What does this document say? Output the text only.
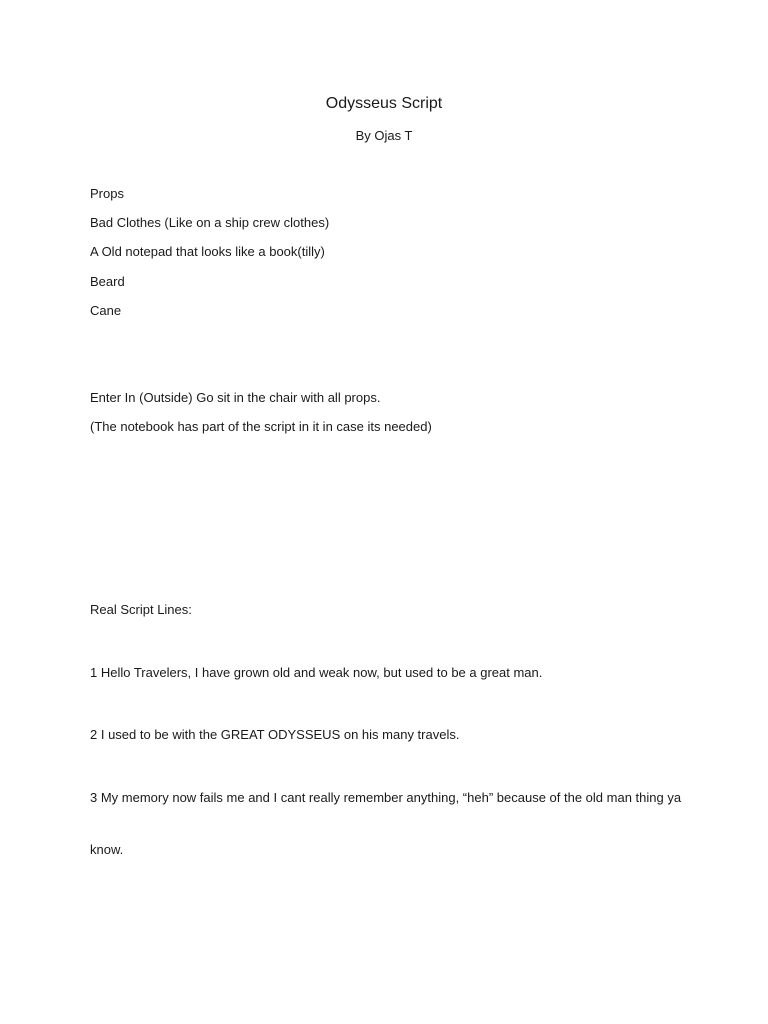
Odysseus Script
By Ojas T
Props
Bad Clothes (Like on a ship crew clothes)
A Old notepad that looks like a book(tilly)
Beard
Cane
Enter In (Outside) Go sit in the chair with all props.
(The notebook has part of the script in it in case its needed)
Real Script Lines:
1 Hello Travelers, I have grown old and weak now, but used to be a great man.
2 I used to be with the GREAT ODYSSEUS on his many travels.
3 My memory now fails me and I cant really remember anything, “heh” because of the old man thing ya
know.
